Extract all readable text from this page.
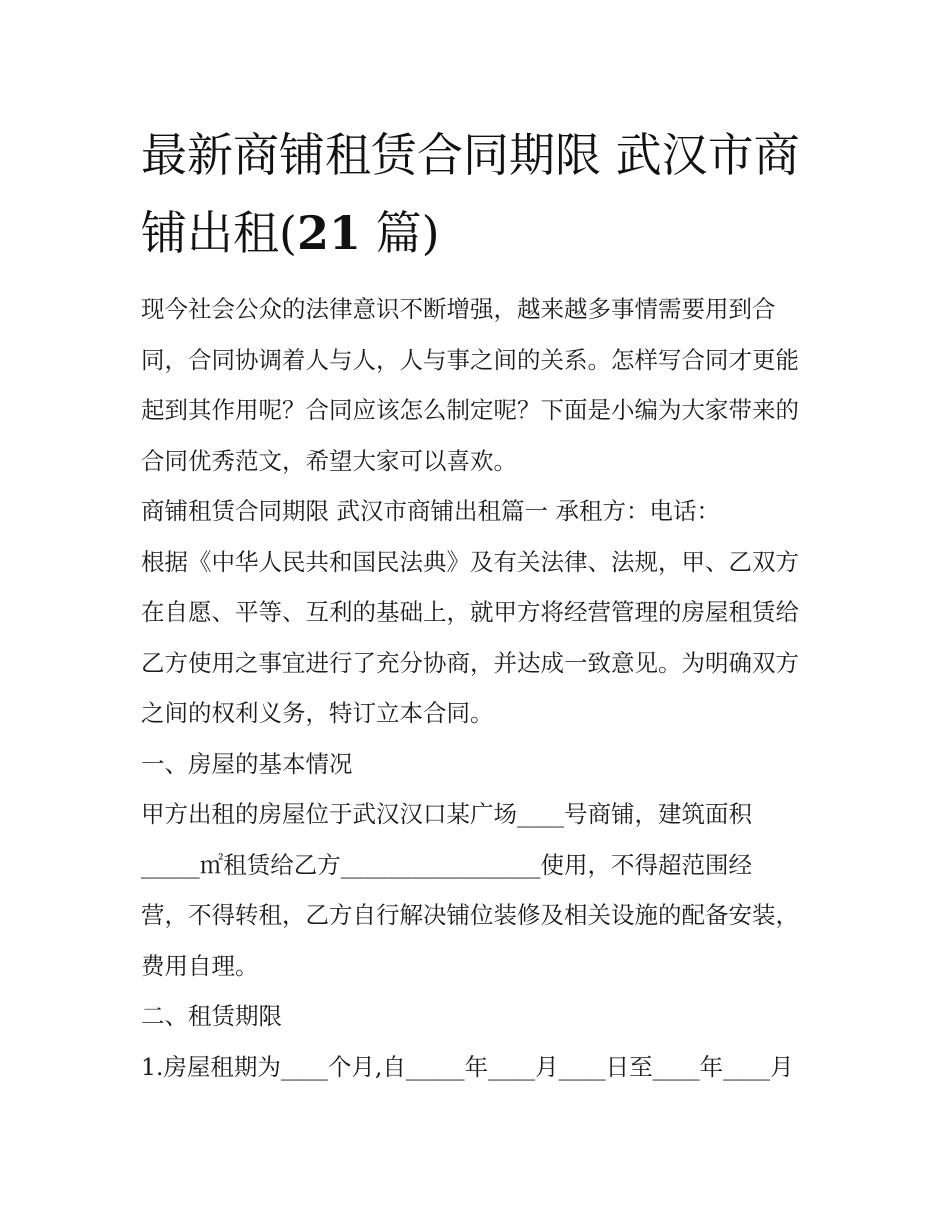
最新商铺租赁合同期限 武汉市商铺出租(21 篇)

现今社会公众的法律意识不断增强，越来越多事情需要用到合同，合同协调着人与人，人与事之间的关系。怎样写合同才更能起到其作用呢？合同应该怎么制定呢？下面是小编为大家带来的合同优秀范文，希望大家可以喜欢。

商铺租赁合同期限 武汉市商铺出租篇一 承租方：电话：

根据《中华人民共和国民法典》及有关法律、法规，甲、乙双方在自愿、平等、互利的基础上，就甲方将经营管理的房屋租赁给乙方使用之事宜进行了充分协商，并达成一致意见。为明确双方之间的权利义务，特订立本合同。

一、房屋的基本情况

甲方出租的房屋位于武汉汉口某广场____号商铺，建筑面积

_____㎡租赁给乙方_________________使用，不得超范围经

营，不得转租，乙方自行解决铺位装修及相关设施的配备安装，费用自理。

二、租赁期限

1.房屋租期为____个月,自_____年____月____日至____年____月
